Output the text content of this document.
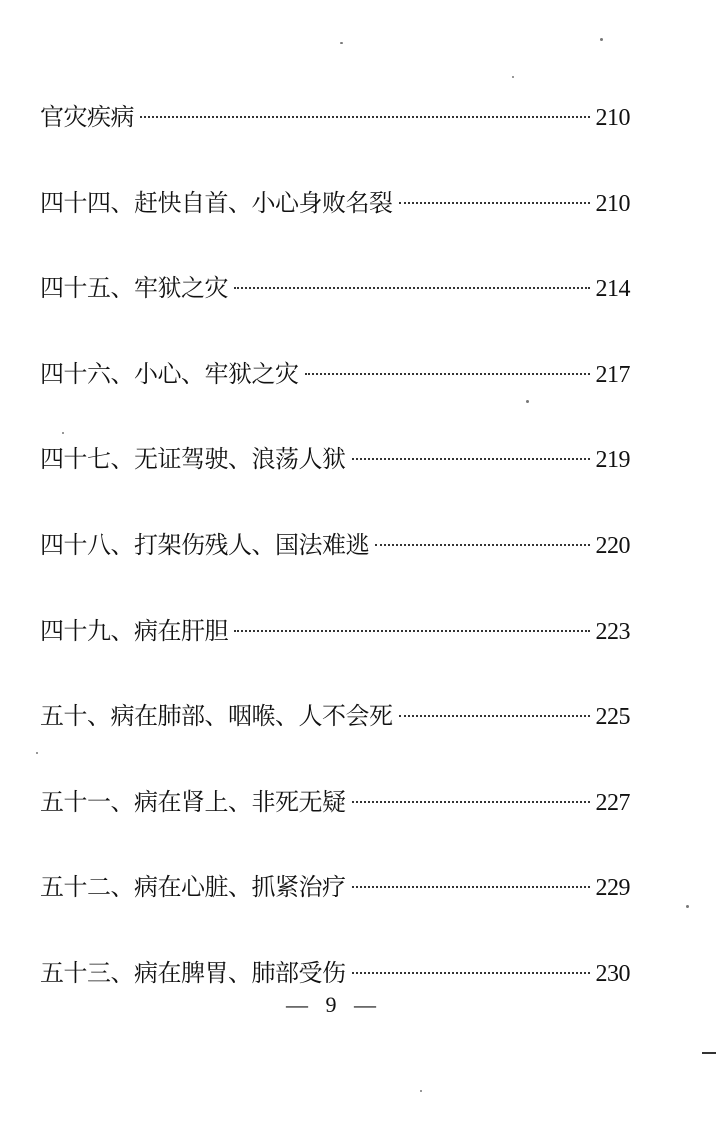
官灾疾病	210
四十四、赶快自首、小心身败名裂	210
四十五、牢狱之灾	214
四十六、小心、牢狱之灾	217
四十七、无证驾驶、浪荡人狱	219
四十八、打架伤残人、国法难逃	220
四十九、病在肝胆	223
五十、病在肺部、咽喉、人不会死	225
五十一、病在肾上、非死无疑	227
五十二、病在心脏、抓紧治疗	229
五十三、病在脾胃、肺部受伤	230
— 9 —
